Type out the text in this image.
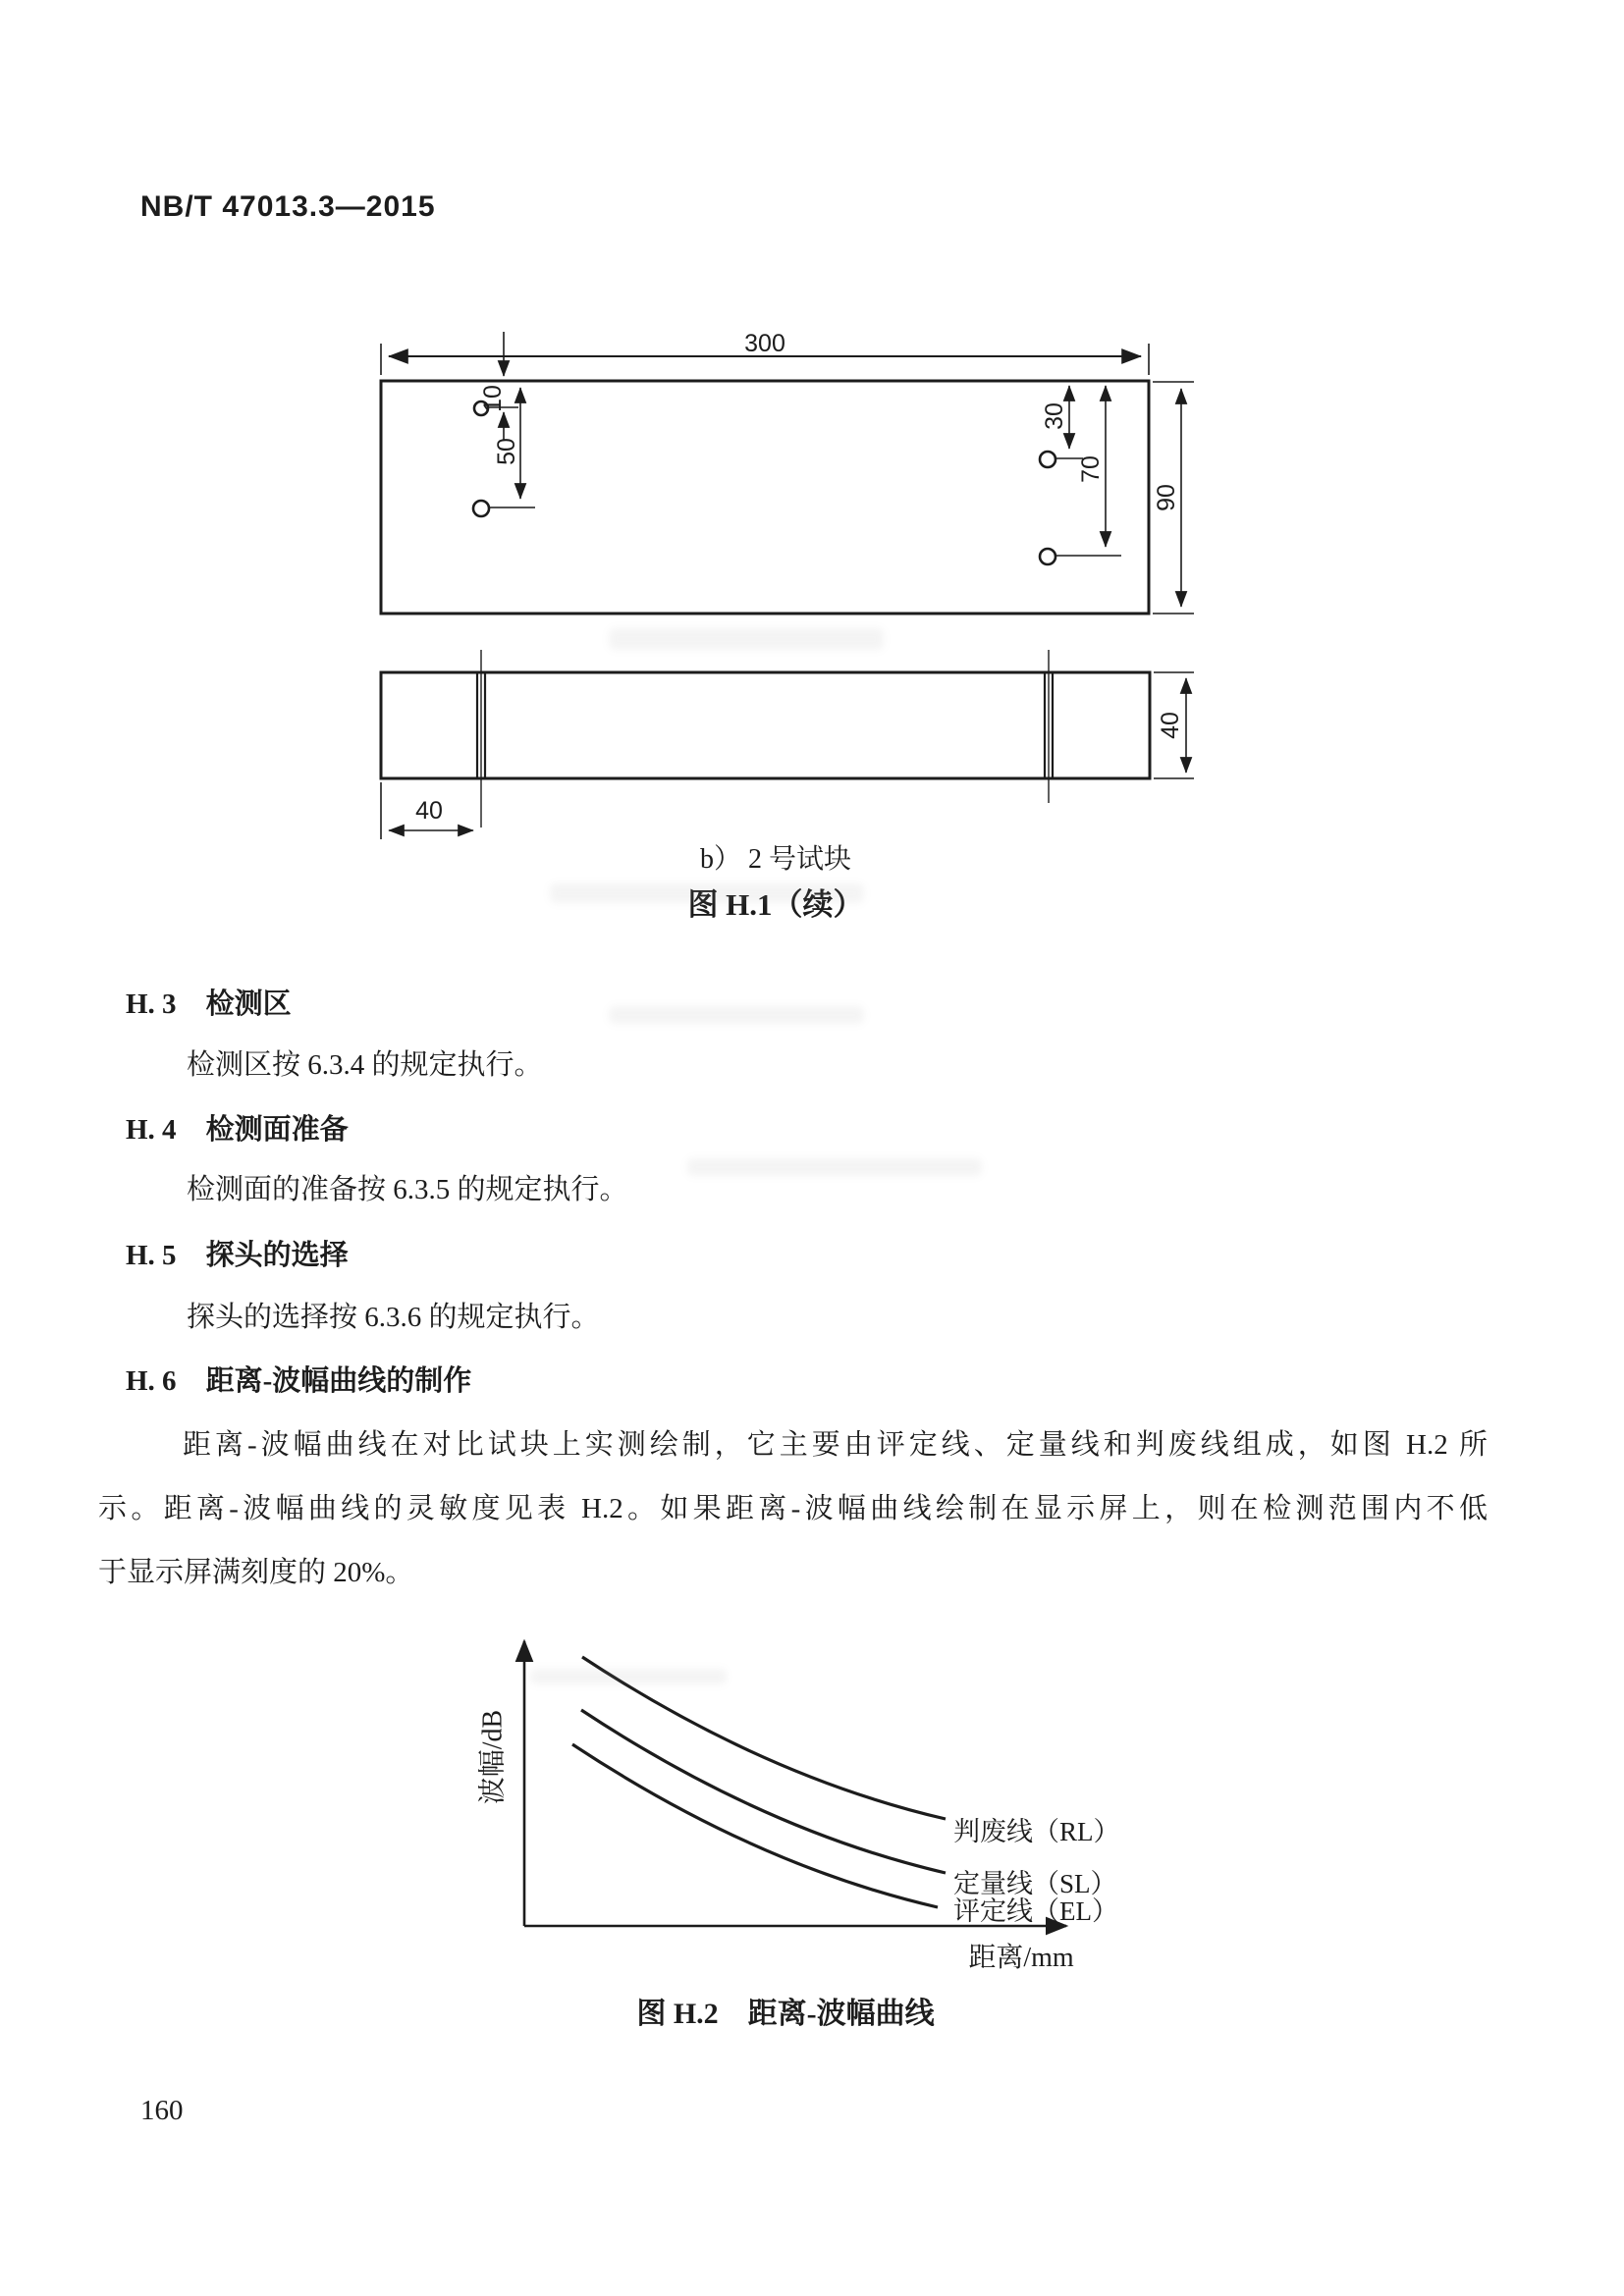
NB/T 47013.3—2015
300
10
50
30
70
90
40
40
b） 2 号试块
图 H.1（续）
H. 3 检测区
检测区按 6.3.4 的规定执行。
H. 4 检测面准备
检测面的准备按 6.3.5 的规定执行。
H. 5 探头的选择
探头的选择按 6.3.6 的规定执行。
H. 6 距离-波幅曲线的制作
距离-波幅曲线在对比试块上实测绘制，它主要由评定线、定量线和判废线组成，如图 H.2 所
示。距离-波幅曲线的灵敏度见表 H.2。如果距离-波幅曲线绘制在显示屏上，则在检测范围内不低
于显示屏满刻度的 20%。
波幅/dB
距离/mm
判废线（RL）
定量线（SL）
评定线（EL）
图 H.2　距离-波幅曲线
160
